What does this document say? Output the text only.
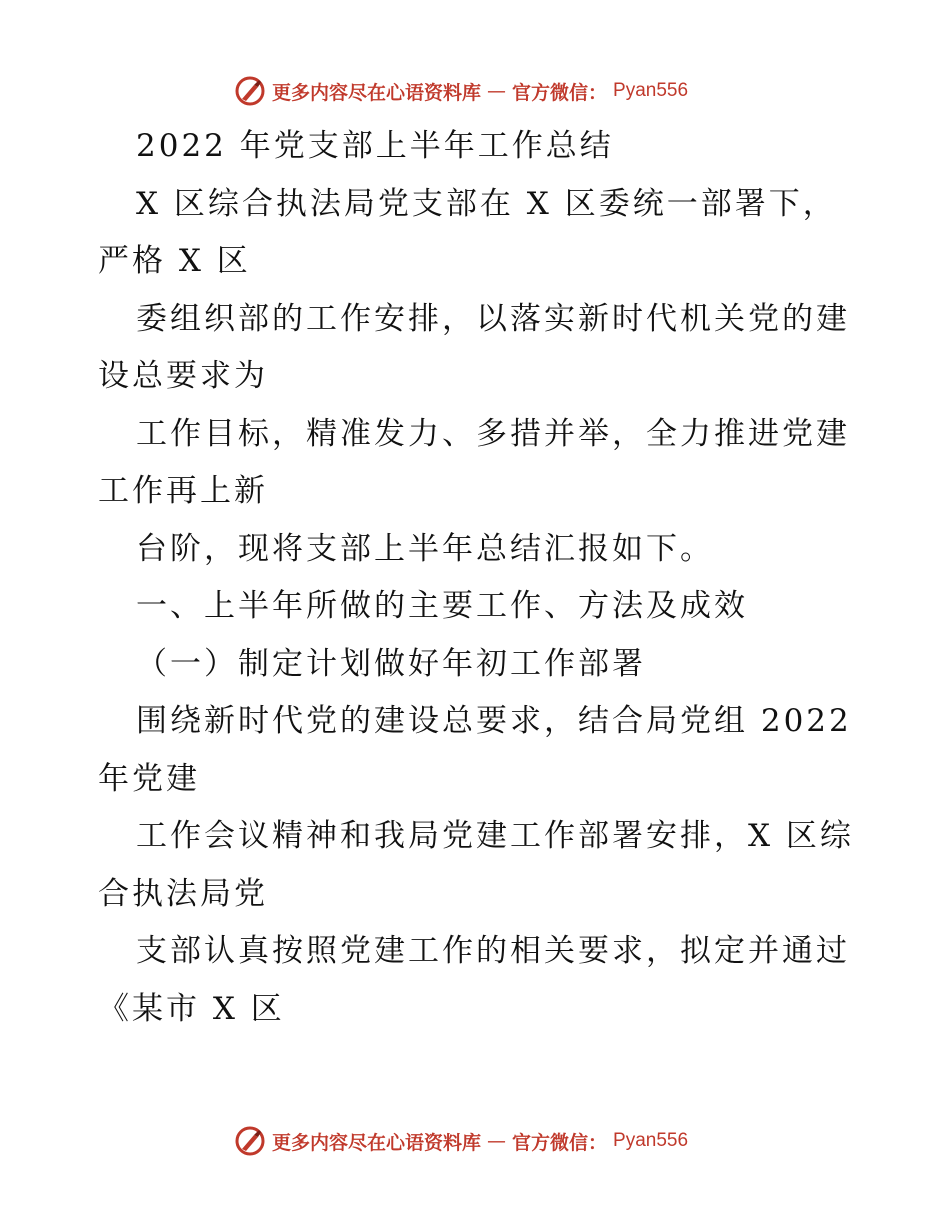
更多内容尽在心语资料库 — 官方微信： Pyan556
2022 年党支部上半年工作总结
X 区综合执法局党支部在 X 区委统一部署下，
严格 X 区
委组织部的工作安排，以落实新时代机关党的建
设总要求为
工作目标，精准发力、多措并举，全力推进党建
工作再上新
台阶，现将支部上半年总结汇报如下。
一、上半年所做的主要工作、方法及成效
（一）制定计划做好年初工作部署
围绕新时代党的建设总要求，结合局党组 2022
年党建
工作会议精神和我局党建工作部署安排，X 区综
合执法局党
支部认真按照党建工作的相关要求，拟定并通过
《某市 X 区
更多内容尽在心语资料库 — 官方微信： Pyan556
